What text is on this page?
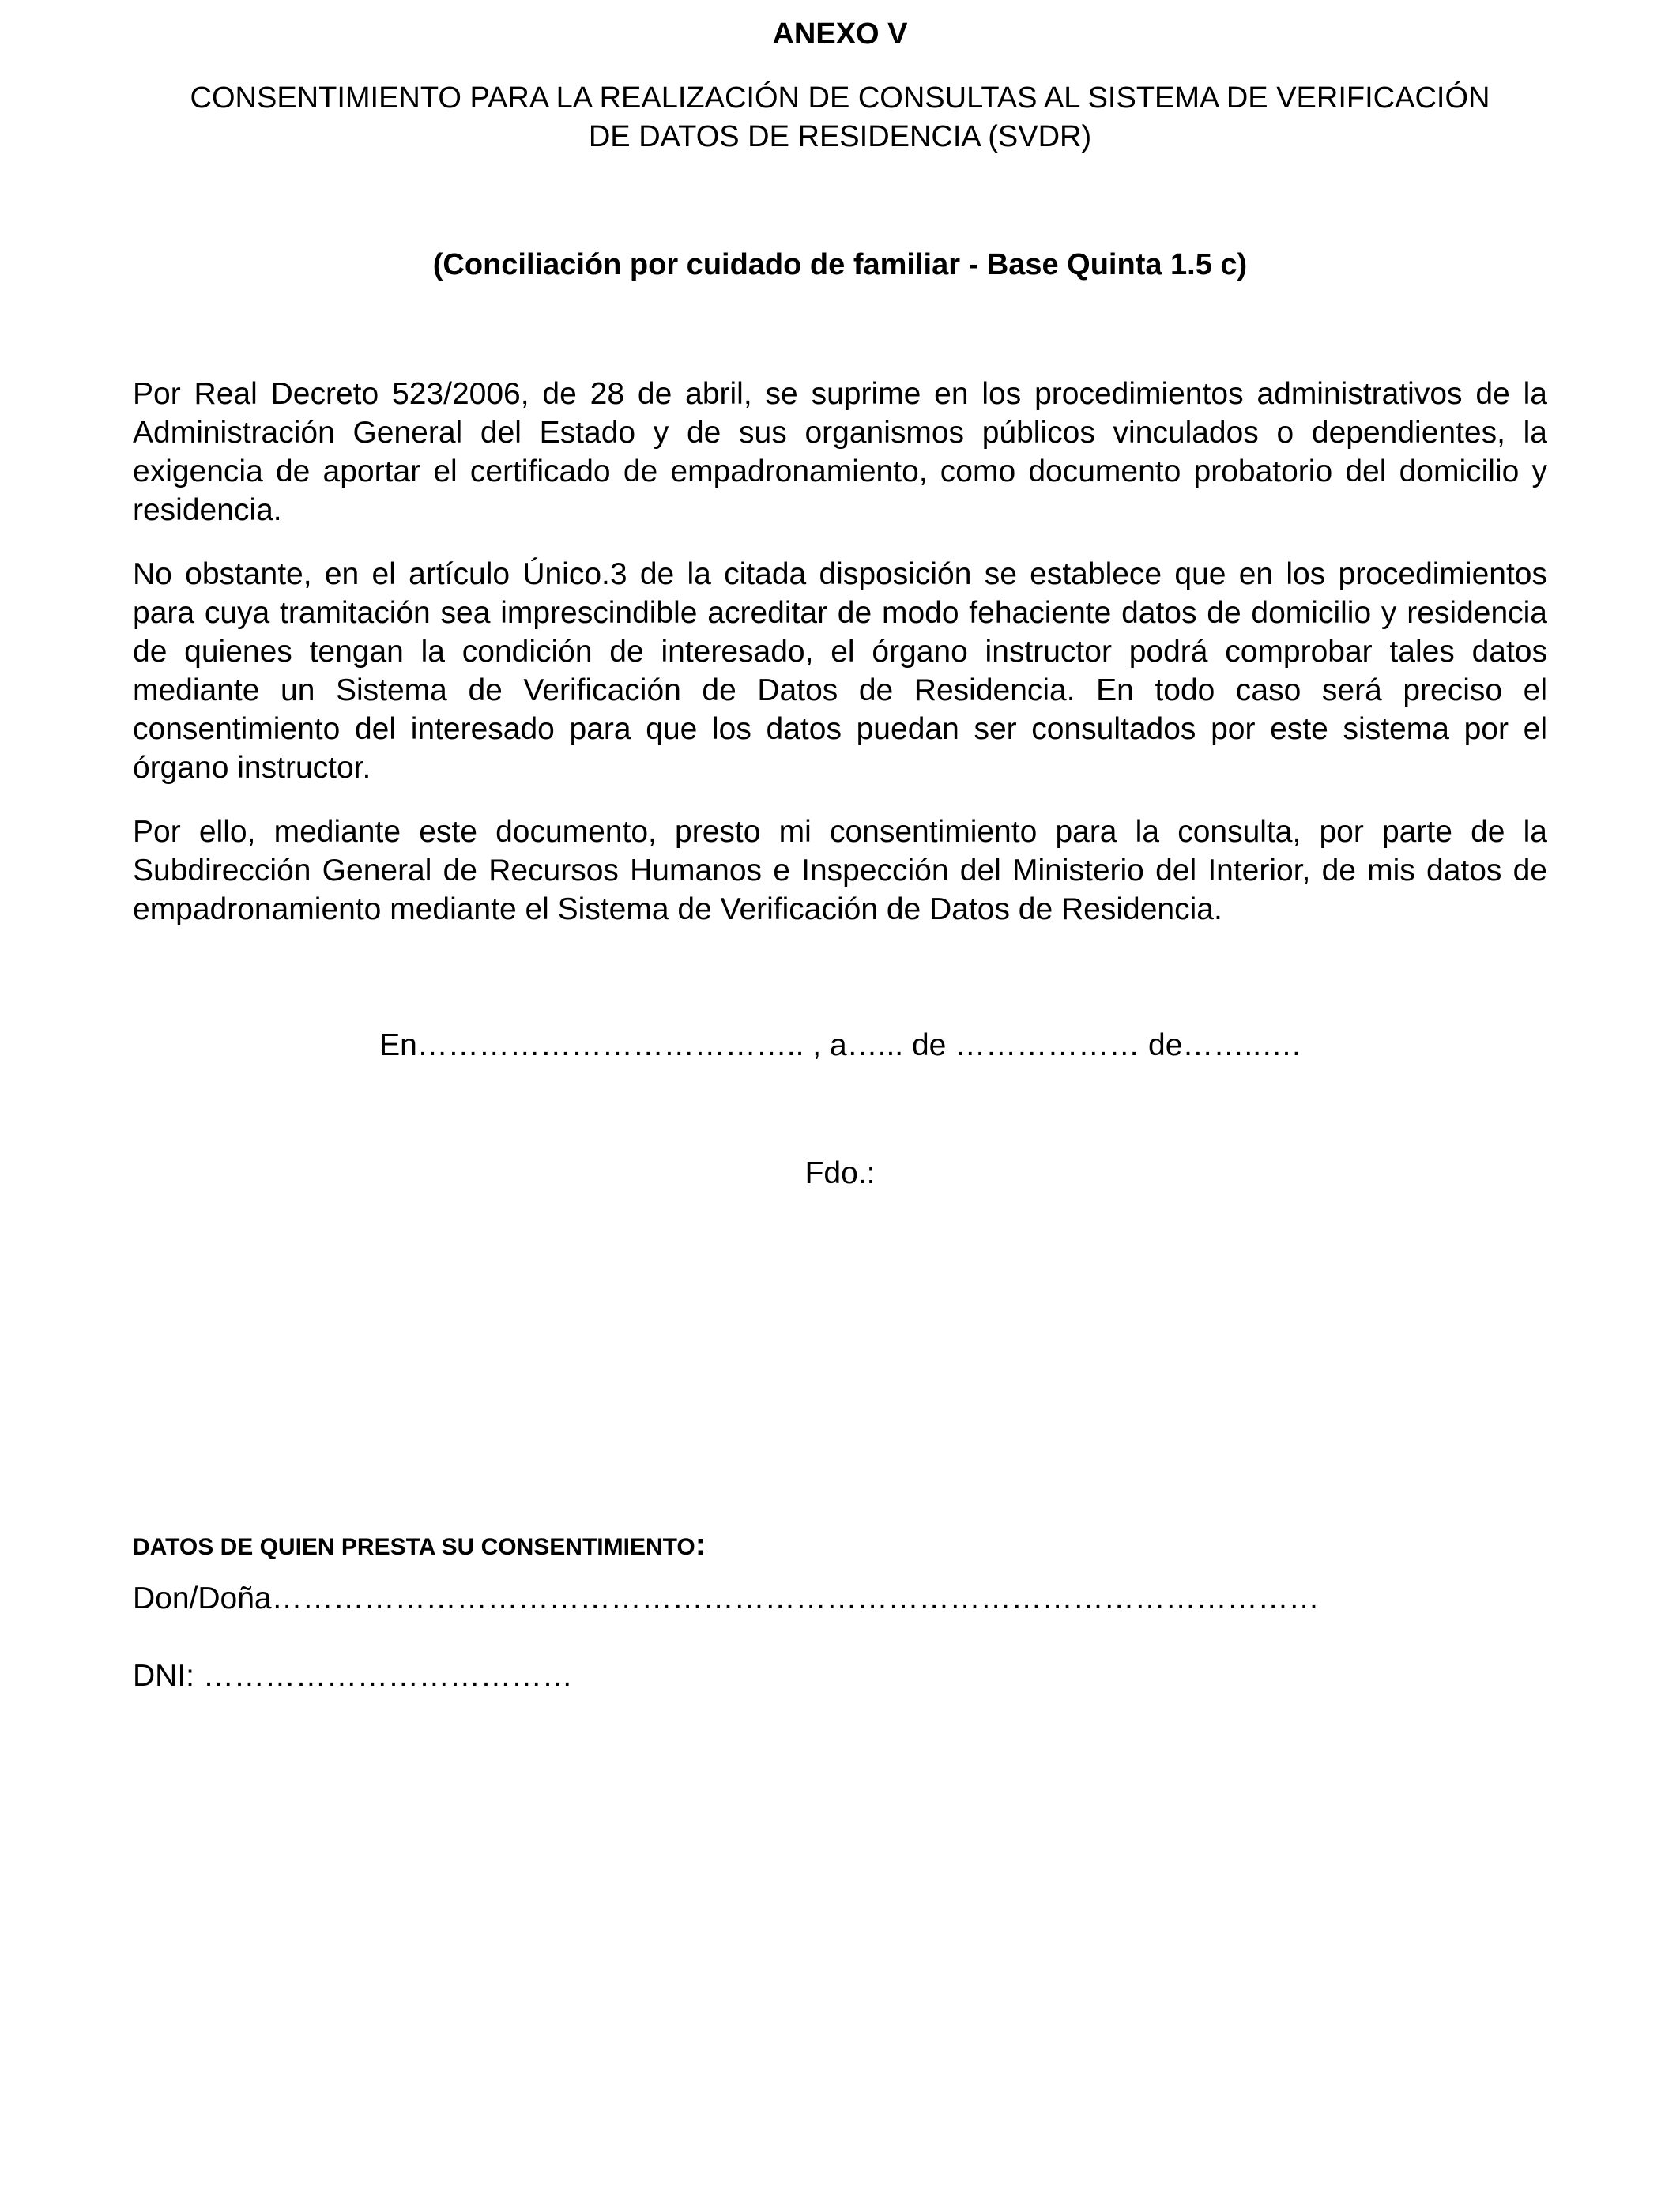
ANEXO V
CONSENTIMIENTO PARA LA REALIZACIÓN DE CONSULTAS AL SISTEMA DE VERIFICACIÓN
DE DATOS DE RESIDENCIA (SVDR)
(Conciliación por cuidado de familiar - Base Quinta 1.5 c)

Por Real Decreto 523/2006, de 28 de abril, se suprime en los procedimientos administrativos de la Administración General del Estado y de sus organismos públicos vinculados o dependientes, la exigencia de aportar el certificado de empadronamiento, como documento probatorio del domicilio y residencia.

No obstante, en el artículo Único.3 de la citada disposición se establece que en los procedimientos para cuya tramitación sea imprescindible acreditar de modo fehaciente datos de domicilio y residencia de quienes tengan la condición de interesado, el órgano instructor podrá comprobar tales datos mediante un Sistema de Verificación de Datos de Residencia. En todo caso será preciso el consentimiento del interesado para que los datos puedan ser consultados por este sistema por el órgano instructor.

Por ello, mediante este documento, presto mi consentimiento para la consulta, por parte de la Subdirección General de Recursos Humanos e Inspección del Ministerio del Interior, de mis datos de empadronamiento mediante el Sistema de Verificación de Datos de Residencia.

En……………………………….. , a…... de ……………… de……..….
Fdo.:
DATOS DE QUIEN PRESTA SU CONSENTIMIENTO:
Don/Doña…………………………………………………………………………………………
DNI: ………………………………
